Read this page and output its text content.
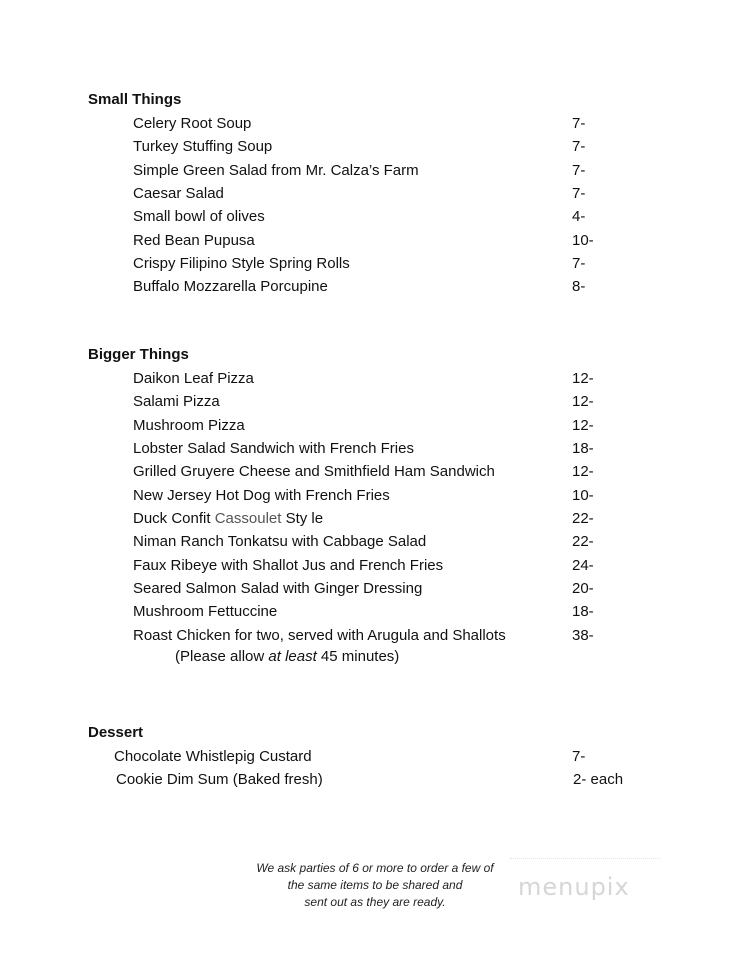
Small Things
Celery Root Soup	7-
Turkey Stuffing Soup	7-
Simple Green Salad from Mr. Calza’s Farm	7-
Caesar Salad	7-
Small bowl of olives	4-
Red Bean Pupusa	10-
Crispy Filipino Style Spring Rolls	7-
Buffalo Mozzarella Porcupine	8-
Bigger Things
Daikon Leaf Pizza	12-
Salami Pizza	12-
Mushroom Pizza	12-
Lobster Salad Sandwich with French Fries	18-
Grilled Gruyere Cheese and Smithfield Ham Sandwich	12-
New Jersey Hot Dog with French Fries	10-
Duck Confit Cassoulet Sty le	22-
Niman Ranch Tonkatsu with Cabbage Salad	22-
Faux Ribeye with Shallot Jus and French Fries	24-
Seared Salmon Salad with Ginger Dressing	20-
Mushroom Fettuccine	18-
Roast Chicken for two, served with Arugula and Shallots	38-
(Please allow at least 45 minutes)
Dessert
Chocolate Whistlepig Custard	7-
Cookie Dim Sum (Baked fresh)	2- each
We ask parties of 6 or more to order a few of
the same items to be shared and
sent out as they are ready.
menupix
